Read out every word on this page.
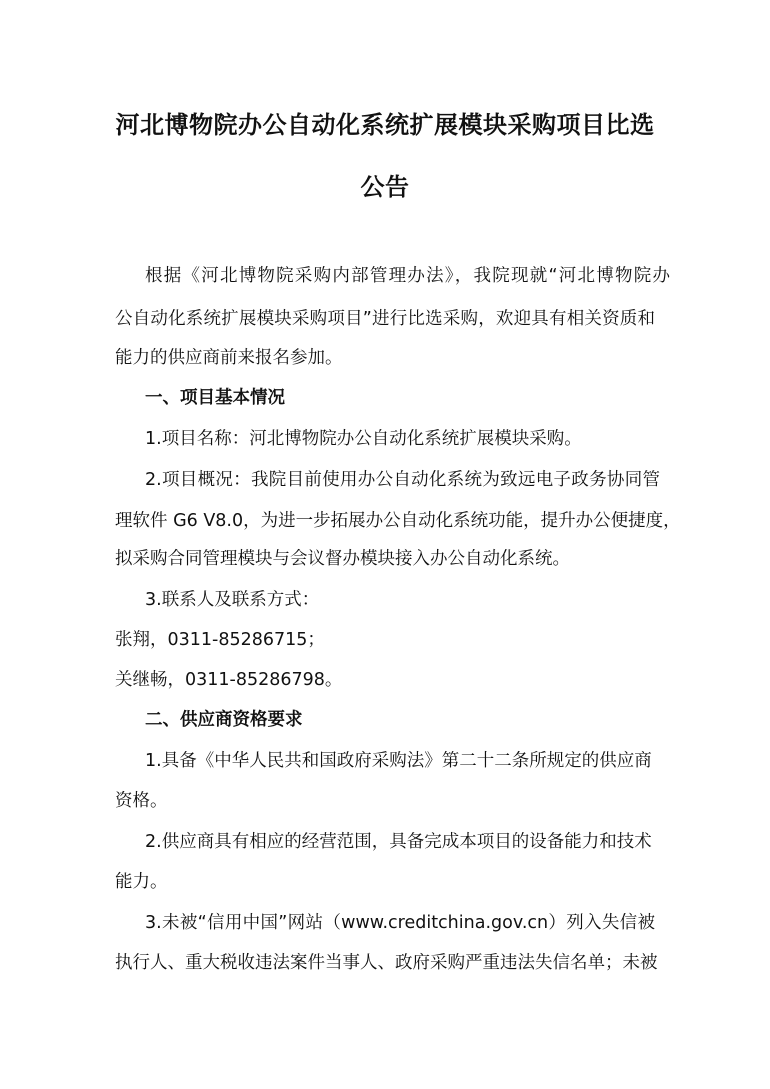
河北博物院办公自动化系统扩展模块采购项目比选
公告
根据《河北博物院采购内部管理办法》，我院现就“河北博物院办
公自动化系统扩展模块采购项目”进行比选采购，欢迎具有相关资质和
能力的供应商前来报名参加。
一、项目基本情况
1.项目名称：河北博物院办公自动化系统扩展模块采购。
2.项目概况：我院目前使用办公自动化系统为致远电子政务协同管
理软件 G6 V8.0，为进一步拓展办公自动化系统功能，提升办公便捷度，
拟采购合同管理模块与会议督办模块接入办公自动化系统。
3.联系人及联系方式：
张翔，0311-85286715；
关继畅，0311-85286798。
二、供应商资格要求
1.具备《中华人民共和国政府采购法》第二十二条所规定的供应商
资格。
2.供应商具有相应的经营范围，具备完成本项目的设备能力和技术
能力。
3.未被“信用中国”网站（www.creditchina.gov.cn）列入失信被
执行人、重大税收违法案件当事人、政府采购严重违法失信名单；未被
